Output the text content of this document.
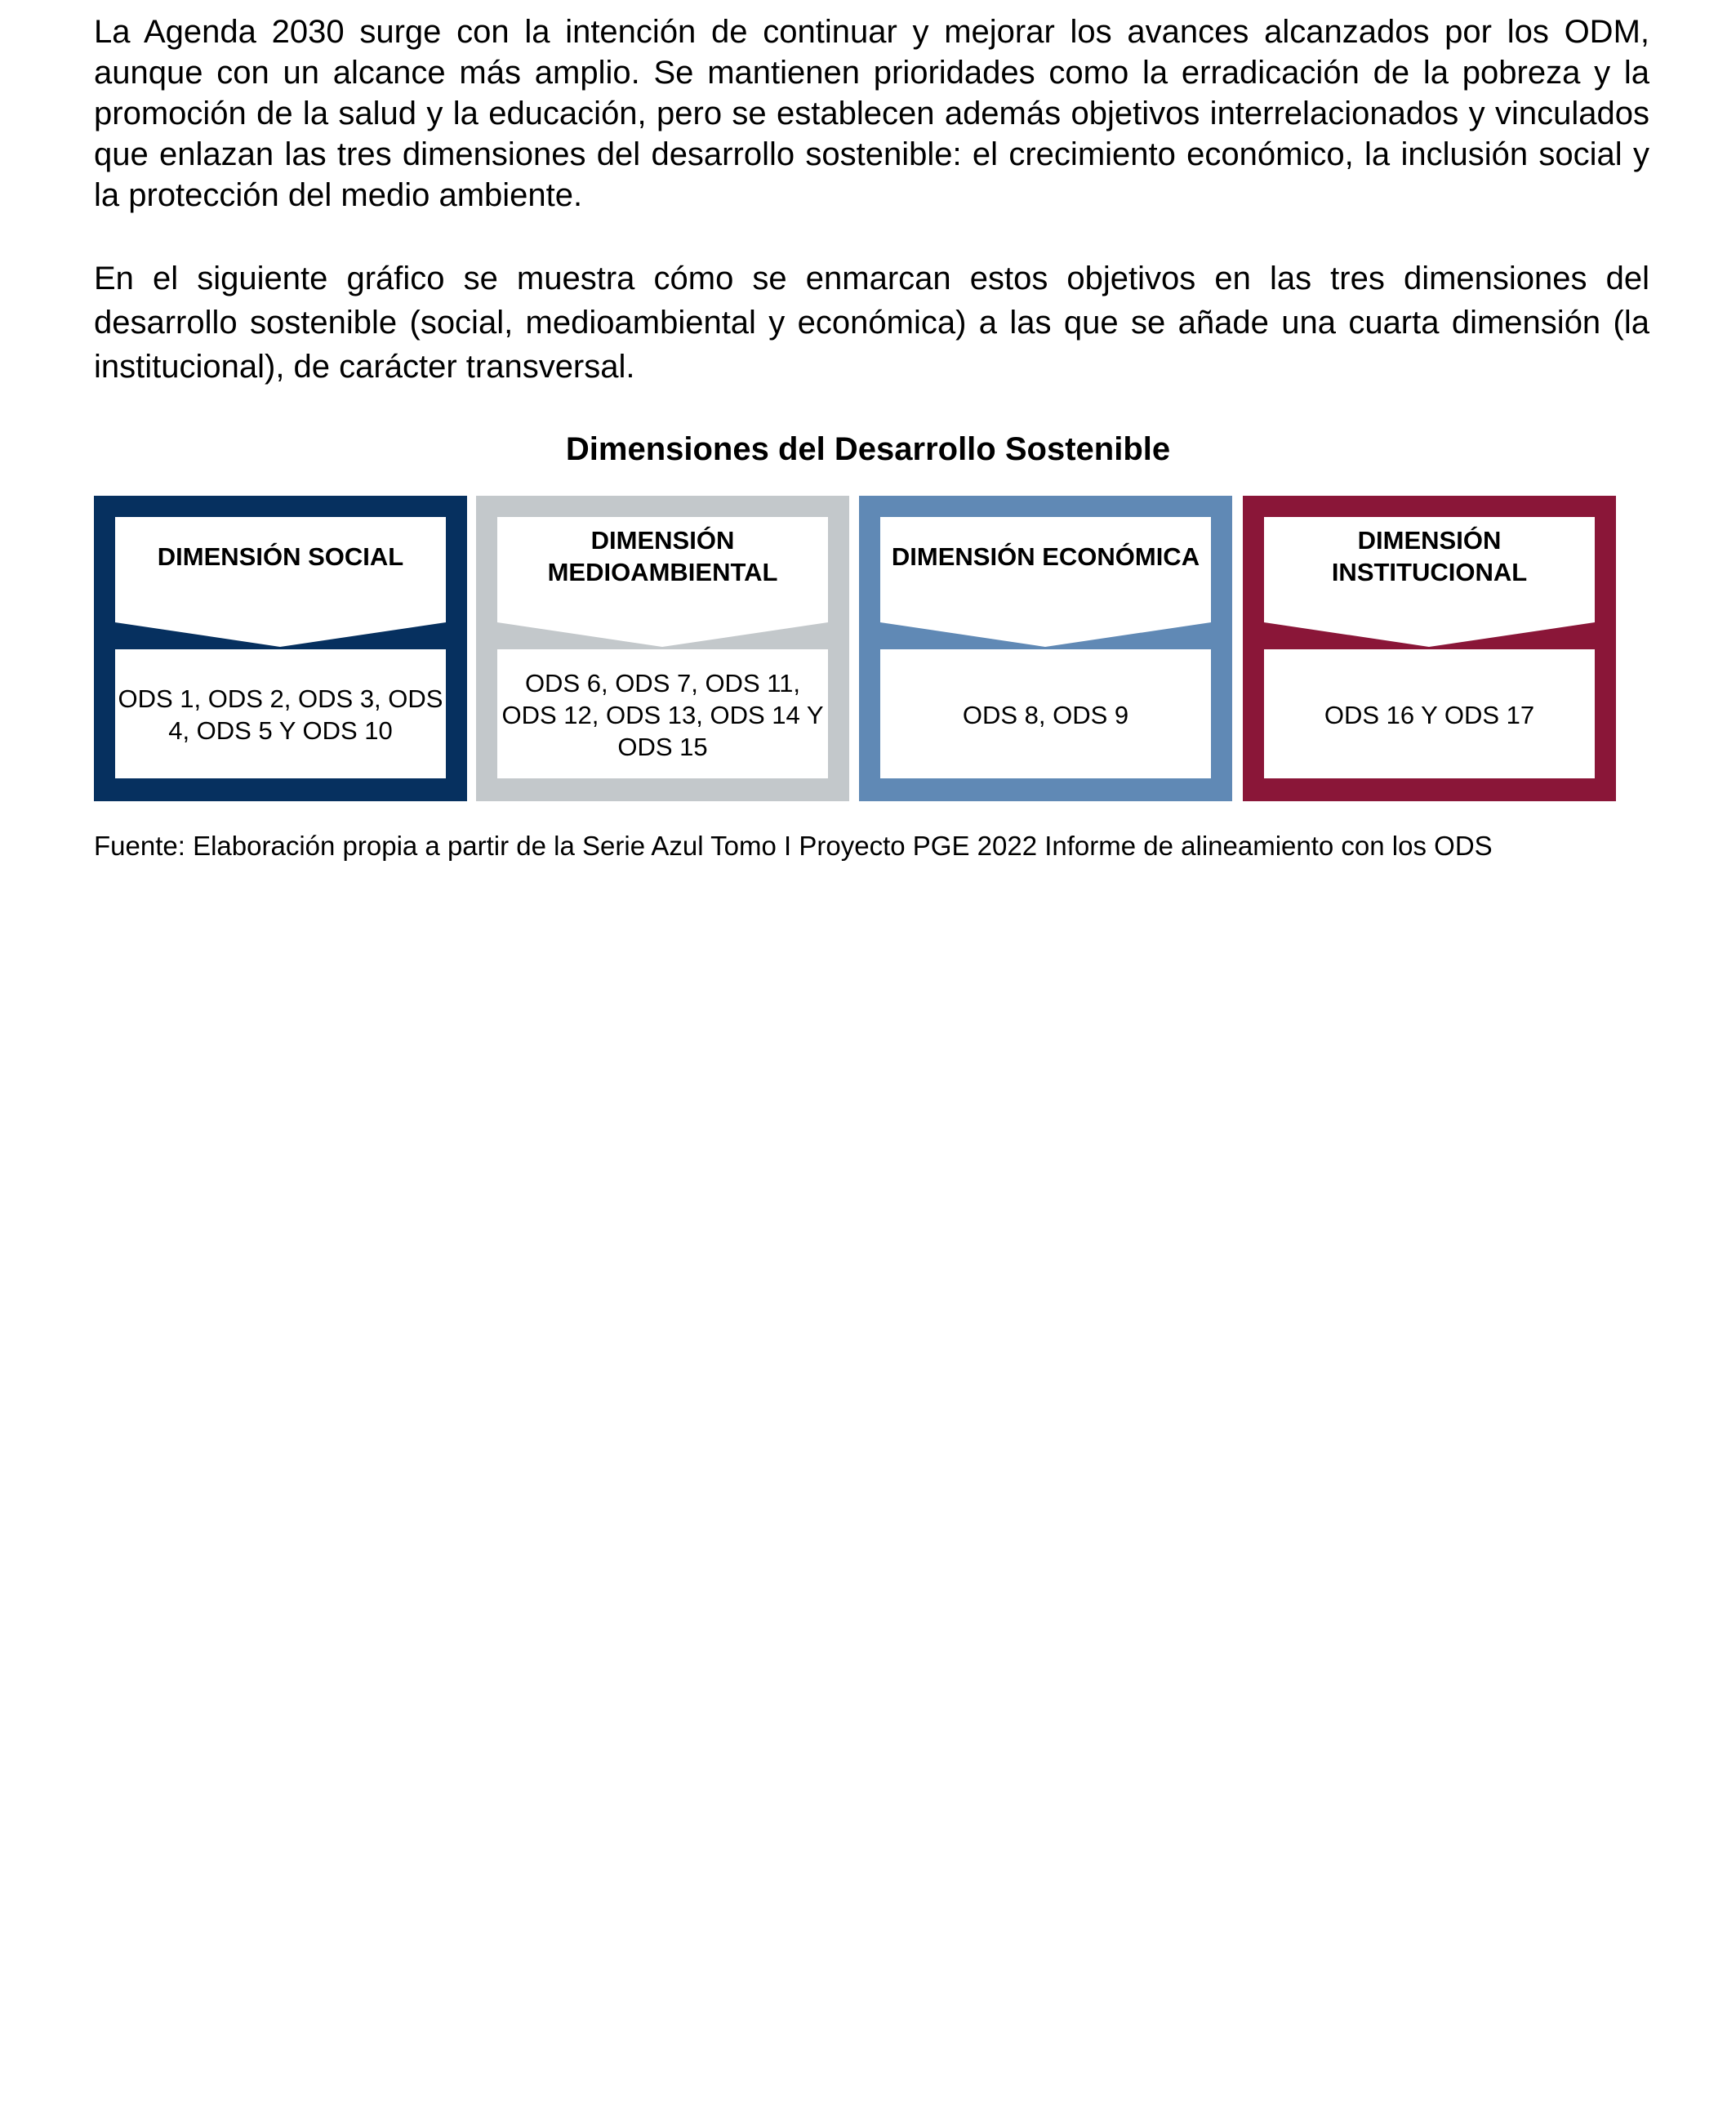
La Agenda 2030 surge con la intención de continuar y mejorar los avances alcanzados por los ODM, aunque con un alcance más amplio. Se mantienen prioridades como la erradicación de la pobreza y la promoción de la salud y la educación, pero se establecen además objetivos interrelacionados y vinculados que enlazan las tres dimensiones del desarrollo sostenible: el crecimiento económico, la inclusión social y la protección del medio ambiente.

En el siguiente gráfico se muestra cómo se enmarcan estos objetivos en las tres dimensiones del desarrollo sostenible (social, medioambiental y económica) a las que se añade una cuarta dimensión (la institucional), de carácter transversal.

Dimensiones del Desarrollo Sostenible
DIMENSIÓN SOCIAL
ODS 1, ODS 2, ODS 3, ODS 4, ODS 5 Y ODS 10
DIMENSIÓN MEDIOAMBIENTAL
ODS 6, ODS 7, ODS 11, ODS 12, ODS 13, ODS 14 Y ODS 15
DIMENSIÓN ECONÓMICA
ODS 8, ODS 9
DIMENSIÓN INSTITUCIONAL
ODS 16 Y ODS 17

Fuente: Elaboración propia a partir de la Serie Azul Tomo I Proyecto PGE 2022 Informe de alineamiento con los ODS
